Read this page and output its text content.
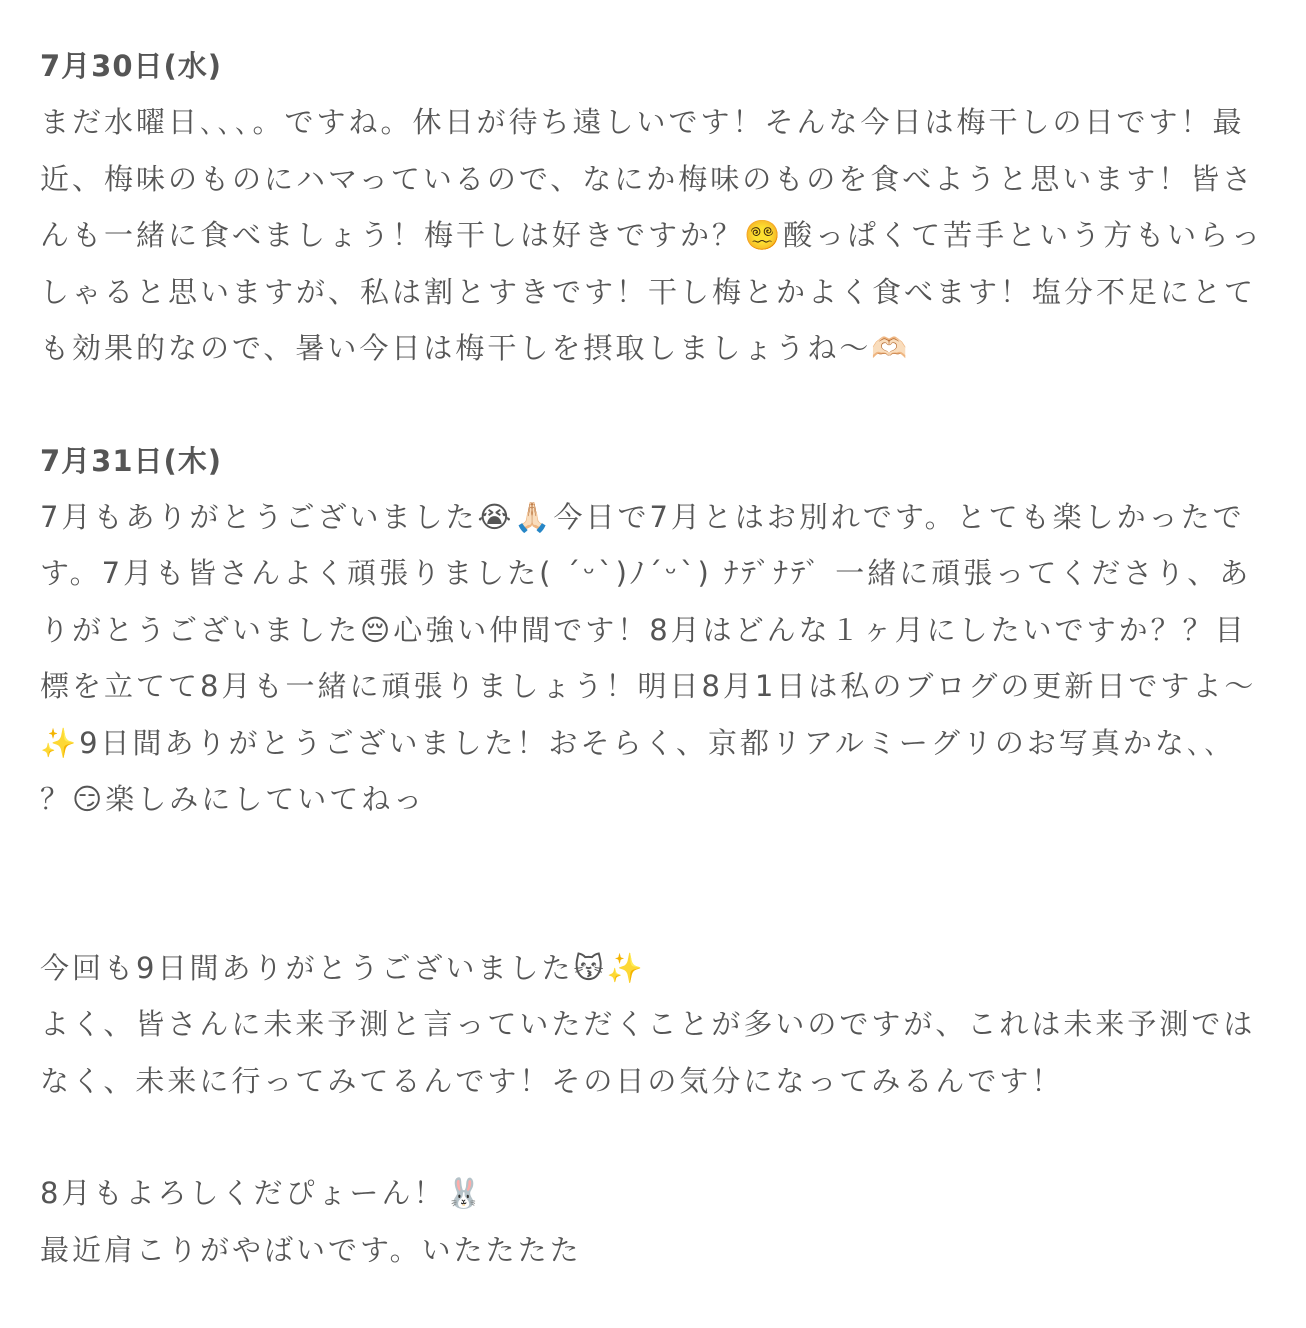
7月30日(水)

まだ水曜日､､､。ですね。休日が待ち遠しいです！そんな今日は梅干しの日です！最近、梅味のものにハマっているので、なにか梅味のものを食べようと思います！皆さんも一緒に食べましょう！梅干しは好きですか？😵‍💫酸っぱくて苦手という方もいらっしゃると思いますが、私は割とすきです！干し梅とかよく食べます！塩分不足にとても効果的なので、暑い今日は梅干しを摂取しましょうね〜🫶🏻

7月31日(木)

7月もありがとうございました😭🙏🏻今日で7月とはお別れです。とても楽しかったです。7月も皆さんよく頑張りました( ´ᵕ`)ﾉ´ᵕ`) ﾅﾃﾞﾅﾃﾞ 一緒に頑張ってくださり、ありがとうございました😔心強い仲間です！8月はどんな１ヶ月にしたいですか？？目標を立てて8月も一緒に頑張りましょう！明日8月1日は私のブログの更新日ですよ〜✨9日間ありがとうございました！おそらく、京都リアルミーグリのお写真かな､､ ？😏楽しみにしていてねっ

今回も9日間ありがとうございました😽✨

よく、皆さんに未来予測と言っていただくことが多いのですが、これは未来予測ではなく、未来に行ってみてるんです！その日の気分になってみるんです！

8月もよろしくだぴょーん！🐰

最近肩こりがやばいです。いたたたた
